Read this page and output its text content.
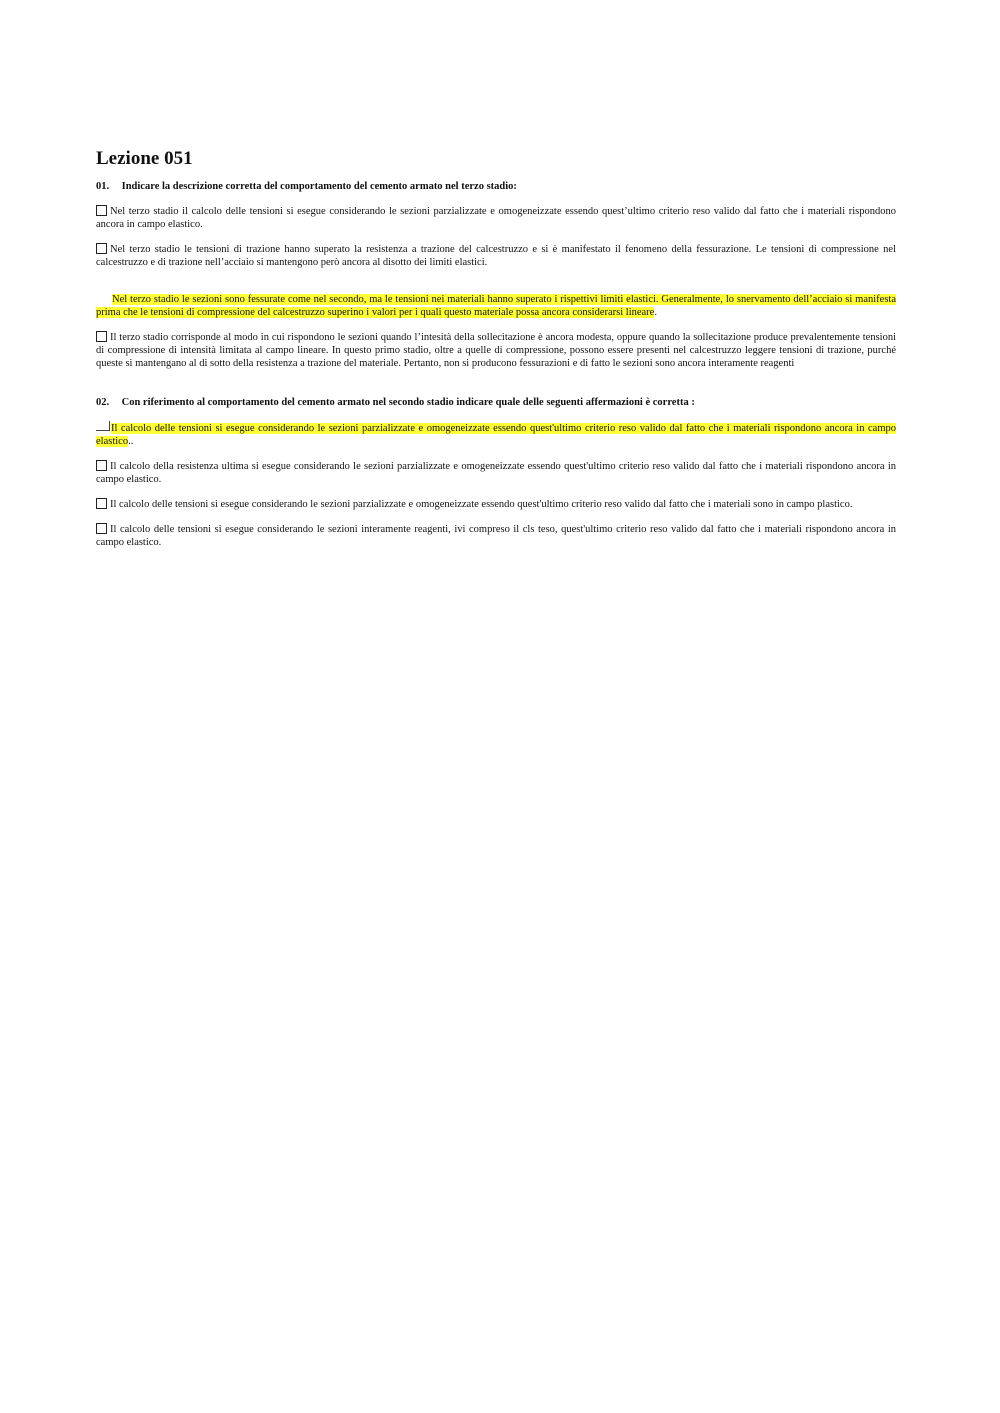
Lezione 051
01. Indicare la descrizione corretta del comportamento del cemento armato nel terzo stadio:
Nel terzo stadio il calcolo delle tensioni si esegue considerando le sezioni parzializzate e omogeneizzate essendo quest’ultimo criterio reso valido dal fatto che i materiali rispondono ancora in campo elastico.
Nel terzo stadio le tensioni di trazione hanno superato la resistenza a trazione del calcestruzzo e si è manifestato il fenomeno della fessurazione. Le tensioni di compressione nel calcestruzzo e di trazione nell’acciaio si mantengono però ancora al disotto dei limiti elastici.
Nel terzo stadio le sezioni sono fessurate come nel secondo, ma le tensioni nei materiali hanno superato i rispettivi limiti elastici. Generalmente, lo snervamento dell’acciaio si manifesta prima che le tensioni di compressione del calcestruzzo superino i valori per i quali questo materiale possa ancora considerarsi lineare.
Il terzo stadio corrisponde al modo in cui rispondono le sezioni quando l’intesità della sollecitazione è ancora modesta, oppure quando la sollecitazione produce prevalentemente tensioni di compressione di intensità limitata al campo lineare. In questo primo stadio, oltre a quelle di compressione, possono essere presenti nel calcestruzzo leggere tensioni di trazione, purché queste si mantengano al di sotto della resistenza a trazione del materiale. Pertanto, non si producono fessurazioni e di fatto le sezioni sono ancora interamente reagenti
02. Con riferimento al comportamento del cemento armato nel secondo stadio indicare quale delle seguenti affermazioni è corretta :
Il calcolo delle tensioni si esegue considerando le sezioni parzializzate e omogeneizzate essendo quest'ultimo criterio reso valido dal fatto che i materiali rispondono ancora in campo elastico..
Il calcolo della resistenza ultima si esegue considerando le sezioni parzializzate e omogeneizzate essendo quest'ultimo criterio reso valido dal fatto che i materiali rispondono ancora in campo elastico.
Il calcolo delle tensioni si esegue considerando le sezioni parzializzate e omogeneizzate essendo quest'ultimo criterio reso valido dal fatto che i materiali sono in campo plastico.
Il calcolo delle tensioni si esegue considerando le sezioni interamente reagenti, ivi compreso il cls teso, quest'ultimo criterio reso valido dal fatto che i materiali rispondono ancora in campo elastico.
